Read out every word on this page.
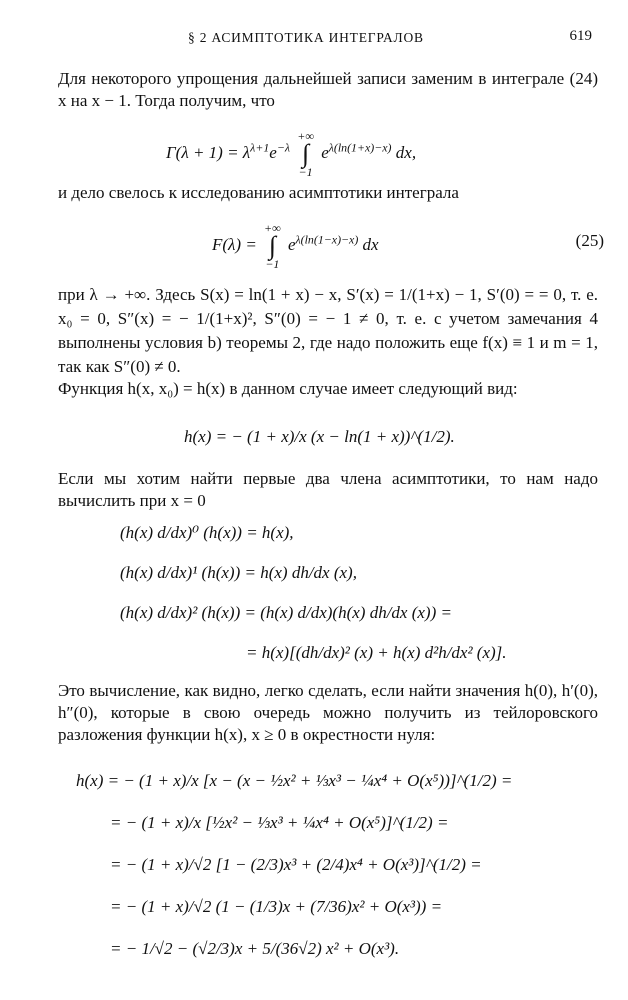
§ 2 АСИМПТОТИКА ИНТЕГРАЛОВ	619
Для некоторого упрощения дальнейшей записи заменим в интеграле (24) x на x − 1. Тогда получим, что
$\Gamma(\lambda + 1) = \lambda^{\lambda+1}e^{-\lambda}$ +∞
∫
−1 $e^{\lambda(ln(1+x)-x)}$ dx,
и дело свелось к исследованию асимптотики интеграла
F(λ) = +∞
∫
−1 $e^{\lambda(ln(1-x)-x)}$ dx	(25)
при λ → +∞. Здесь S(x) = ln(1 + x) − x, S′(x) = 1/(1+x) − 1, S′(0) = = 0, т. е. x₀ = 0, S″(x) = − 1/(1+x)², S″(0) = − 1 ≠ 0, т. е. с учетом замечания 4 выполнены условия b) теоремы 2, где надо положить еще f(x) ≡ 1 и m = 1, так как S″(0) ≠ 0.
Функция h(x, x₀) = h(x) в данном случае имеет следующий вид:
h(x) = − (1 + x)/x (x − ln(1 + x))^(1/2).
Если мы хотим найти первые два члена асимптотики, то нам надо вычислить при x = 0
(h(x) d/dx)⁰ (h(x)) = h(x),
(h(x) d/dx)¹ (h(x)) = h(x) dh/dx (x),
(h(x) d/dx)² (h(x)) = (h(x) d/dx)(h(x) dh/dx (x)) =
= h(x)[(dh/dx)² (x) + h(x) d²h/dx² (x)].
Это вычисление, как видно, легко сделать, если найти значения h(0), h′(0), h″(0), которые в свою очередь можно получить из тейлоровского разложения функции h(x), x ≥ 0 в окрестности нуля:
h(x) = − (1 + x)/x [x − (x − ½x² + ⅓x³ − ¼x⁴ + O(x⁵))]^(1/2) =
= − (1 + x)/x [½x² − ⅓x³ + ¼x⁴ + O(x⁵)]^(1/2) =
= − (1 + x)/√2 [1 − (2/3)x³ + (2/4)x⁴ + O(x³)]^(1/2) =
= − (1 + x)/√2 (1 − (1/3)x + (7/36)x² + O(x³)) =
= − 1/√2 − (√2/3)x + 5/(36√2) x² + O(x³).
